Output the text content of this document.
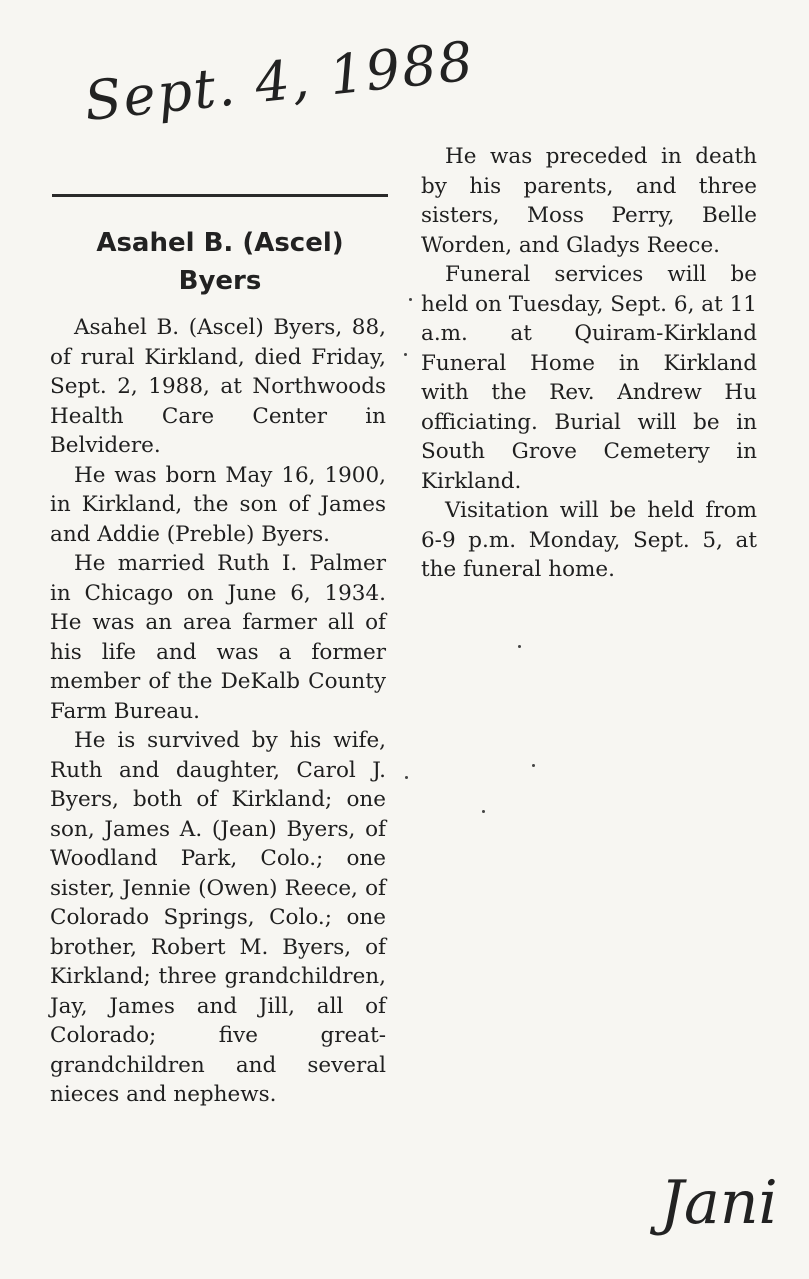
Sept. 4, 1988
Asahel B. (Ascel) Byers

Asahel B. (Ascel) Byers, 88, of rural Kirkland, died Friday, Sept. 2, 1988, at Northwoods Health Care Center in Belvidere.

He was born May 16, 1900, in Kirkland, the son of James and Addie (Preble) Byers.

He married Ruth I. Palmer in Chicago on June 6, 1934. He was an area farmer all of his life and was a former member of the DeKalb County Farm Bureau.

He is survived by his wife, Ruth and daughter, Carol J. Byers, both of Kirkland; one son, James A. (Jean) Byers, of Woodland Park, Colo.; one sister, Jennie (Owen) Reece, of Colorado Springs, Colo.; one brother, Robert M. Byers, of Kirkland; three grandchildren, Jay, James and Jill, all of Colorado; five great-grandchildren and several nieces and nephews.

He was preceded in death by his parents, and three sisters, Moss Perry, Belle Worden, and Gladys Reece.

Funeral services will be held on Tuesday, Sept. 6, at 11 a.m. at Quiram-Kirkland Funeral Home in Kirkland with the Rev. Andrew Hu officiating. Burial will be in South Grove Cemetery in Kirkland.

Visitation will be held from 6-9 p.m. Monday, Sept. 5, at the funeral home.

Jani
